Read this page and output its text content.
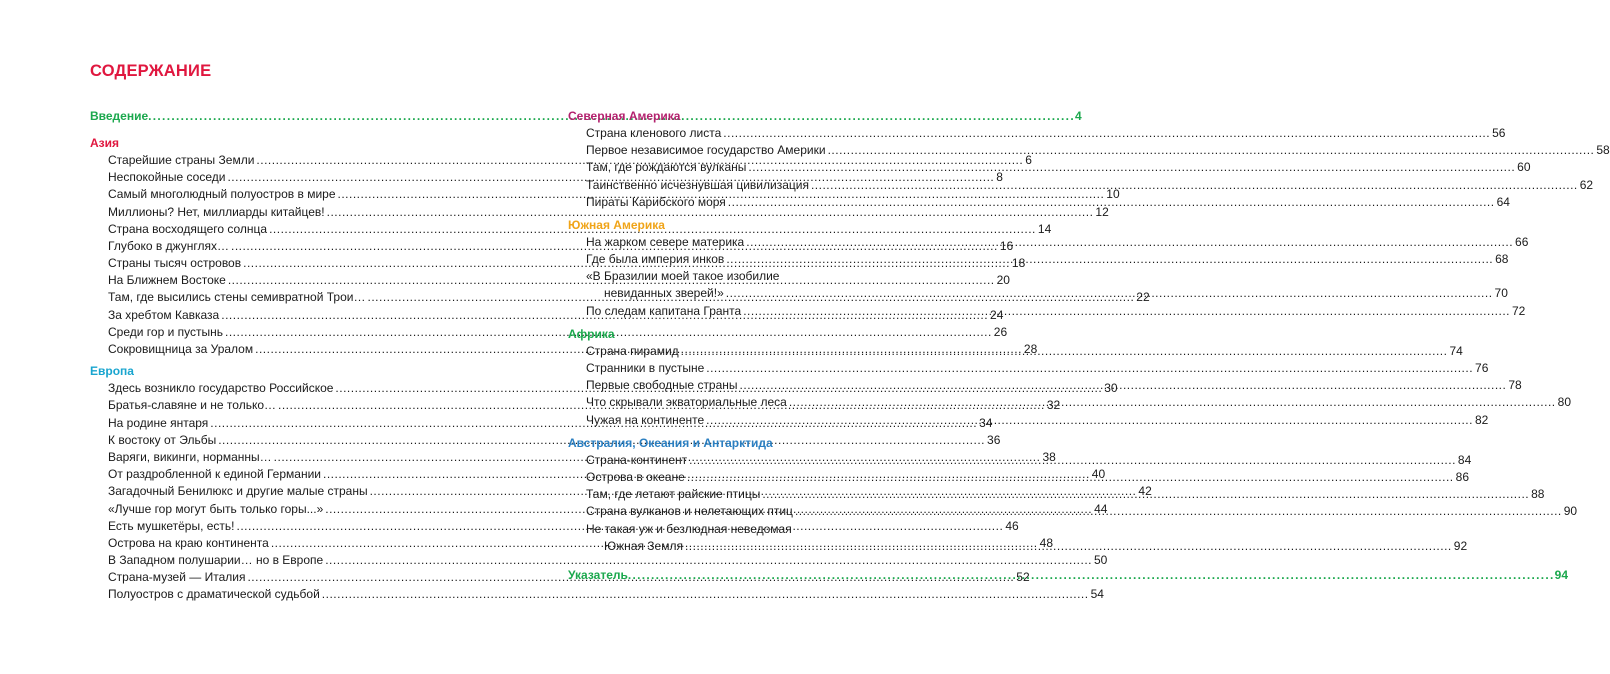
СОДЕРЖАНИЕ
Введение .....	4
Азия
Старейшие страны Земли .....	6
Неспокойные соседи .....	8
Самый многолюдный полуостров в мире .....	10
Миллионы? Нет, миллиарды китайцев! .....	12
Страна восходящего солнца .....	14
Глубоко в джунглях… .....	16
Страны тысяч островов .....	18
На Ближнем Востоке .....	20
Там, где высились стены семивратной Трои… .....	22
За хребтом Кавказа .....	24
Среди гор и пустынь .....	26
Сокровищница за Уралом .....	28
Европа
Здесь возникло государство Российское .....	30
Братья-славяне и не только… .....	32
На родине янтаря .....	34
К востоку от Эльбы .....	36
Варяги, викинги, норманны… .....	38
От раздробленной к единой Германии .....	40
Загадочный Бенилюкс и другие малые страны .....	42
«Лучше гор могут быть только горы...» .....	44
Есть мушкетёры, есть! .....	46
Острова на краю континента .....	48
В Западном полушарии… но в Европе .....	50
Страна-музей — Италия .....	52
Полуостров с драматической судьбой .....	54
Северная Америка
Страна кленового листа .....	56
Первое независимое государство Америки .....	58
Там, где рождаются вулканы .....	60
Таинственно исчезнувшая цивилизация .....	62
Пираты Карибского моря .....	64
Южная Америка
На жарком севере материка .....	66
Где была империя инков .....	68
«В Бразилии моей такое изобилие
невиданных зверей!» .....	70
По следам капитана Гранта .....	72
Африка
Страна пирамид .....	74
Странники в пустыне .....	76
Первые свободные страны .....	78
Что скрывали экваториальные леса .....	80
Чужая на континенте .....	82
Австралия, Океания и Антарктида
Страна-континент .....	84
Острова в океане .....	86
Там, где летают райские птицы .....	88
Страна вулканов и нелетающих птиц .....	90
Не такая уж и безлюдная неведомая
Южная Земля .....	92
Указатель .....	94
